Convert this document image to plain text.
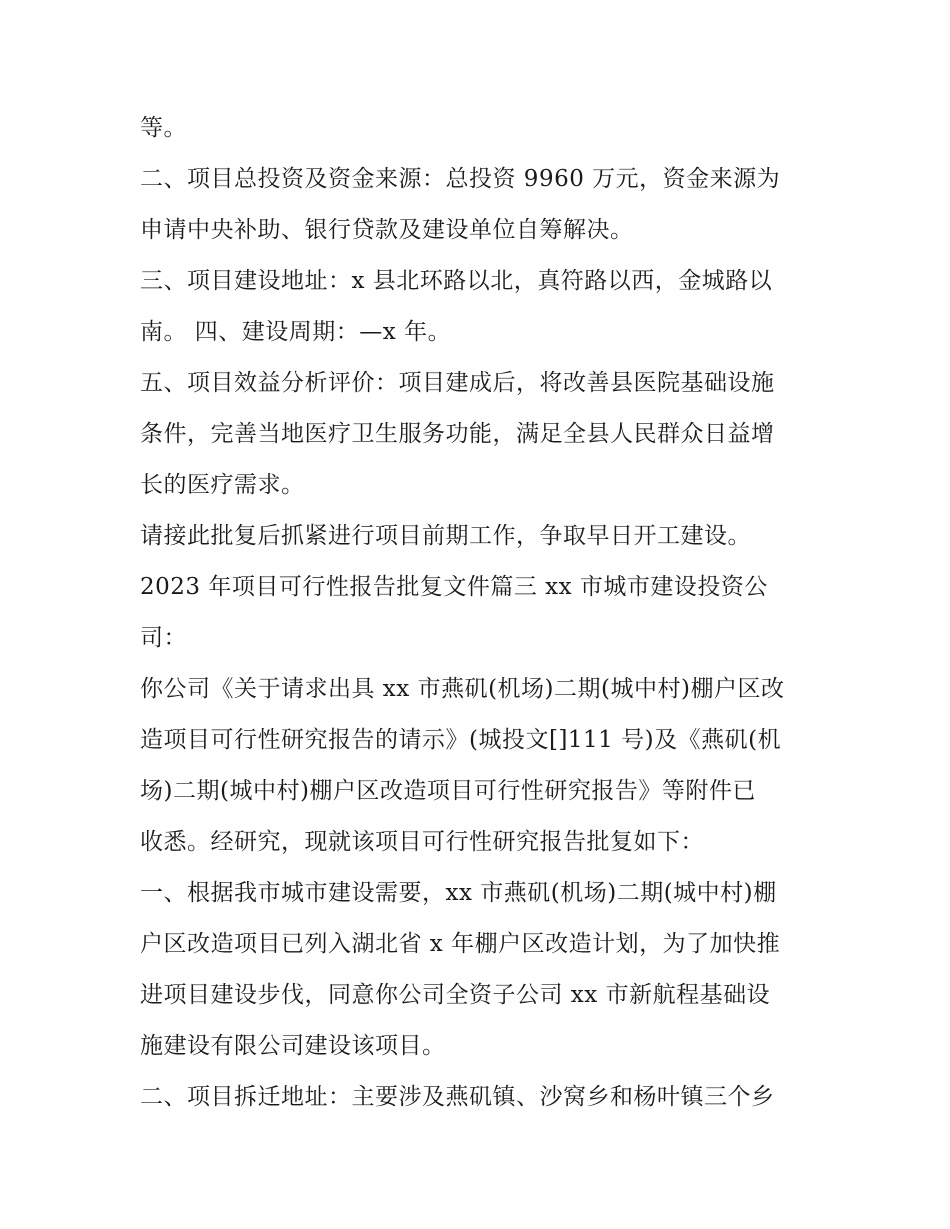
等。
二、项目总投资及资金来源：总投资 9960 万元，资金来源为
申请中央补助、银行贷款及建设单位自筹解决。
三、项目建设地址：x 县北环路以北，真符路以西，金城路以
南。 四、建设周期：—x 年。
五、项目效益分析评价：项目建成后，将改善县医院基础设施
条件，完善当地医疗卫生服务功能，满足全县人民群众日益增
长的医疗需求。
请接此批复后抓紧进行项目前期工作，争取早日开工建设。
2023 年项目可行性报告批复文件篇三 xx 市城市建设投资公
司：
你公司《关于请求出具 xx 市燕矶(机场)二期(城中村)棚户区改
造项目可行性研究报告的请示》(城投文[]111 号)及《燕矶(机
场)二期(城中村)棚户区改造项目可行性研究报告》等附件已
收悉。经研究，现就该项目可行性研究报告批复如下：
一、根据我市城市建设需要，xx 市燕矶(机场)二期(城中村)棚
户区改造项目已列入湖北省 x 年棚户区改造计划，为了加快推
进项目建设步伐，同意你公司全资子公司 xx 市新航程基础设
施建设有限公司建设该项目。
二、项目拆迁地址：主要涉及燕矶镇、沙窝乡和杨叶镇三个乡
